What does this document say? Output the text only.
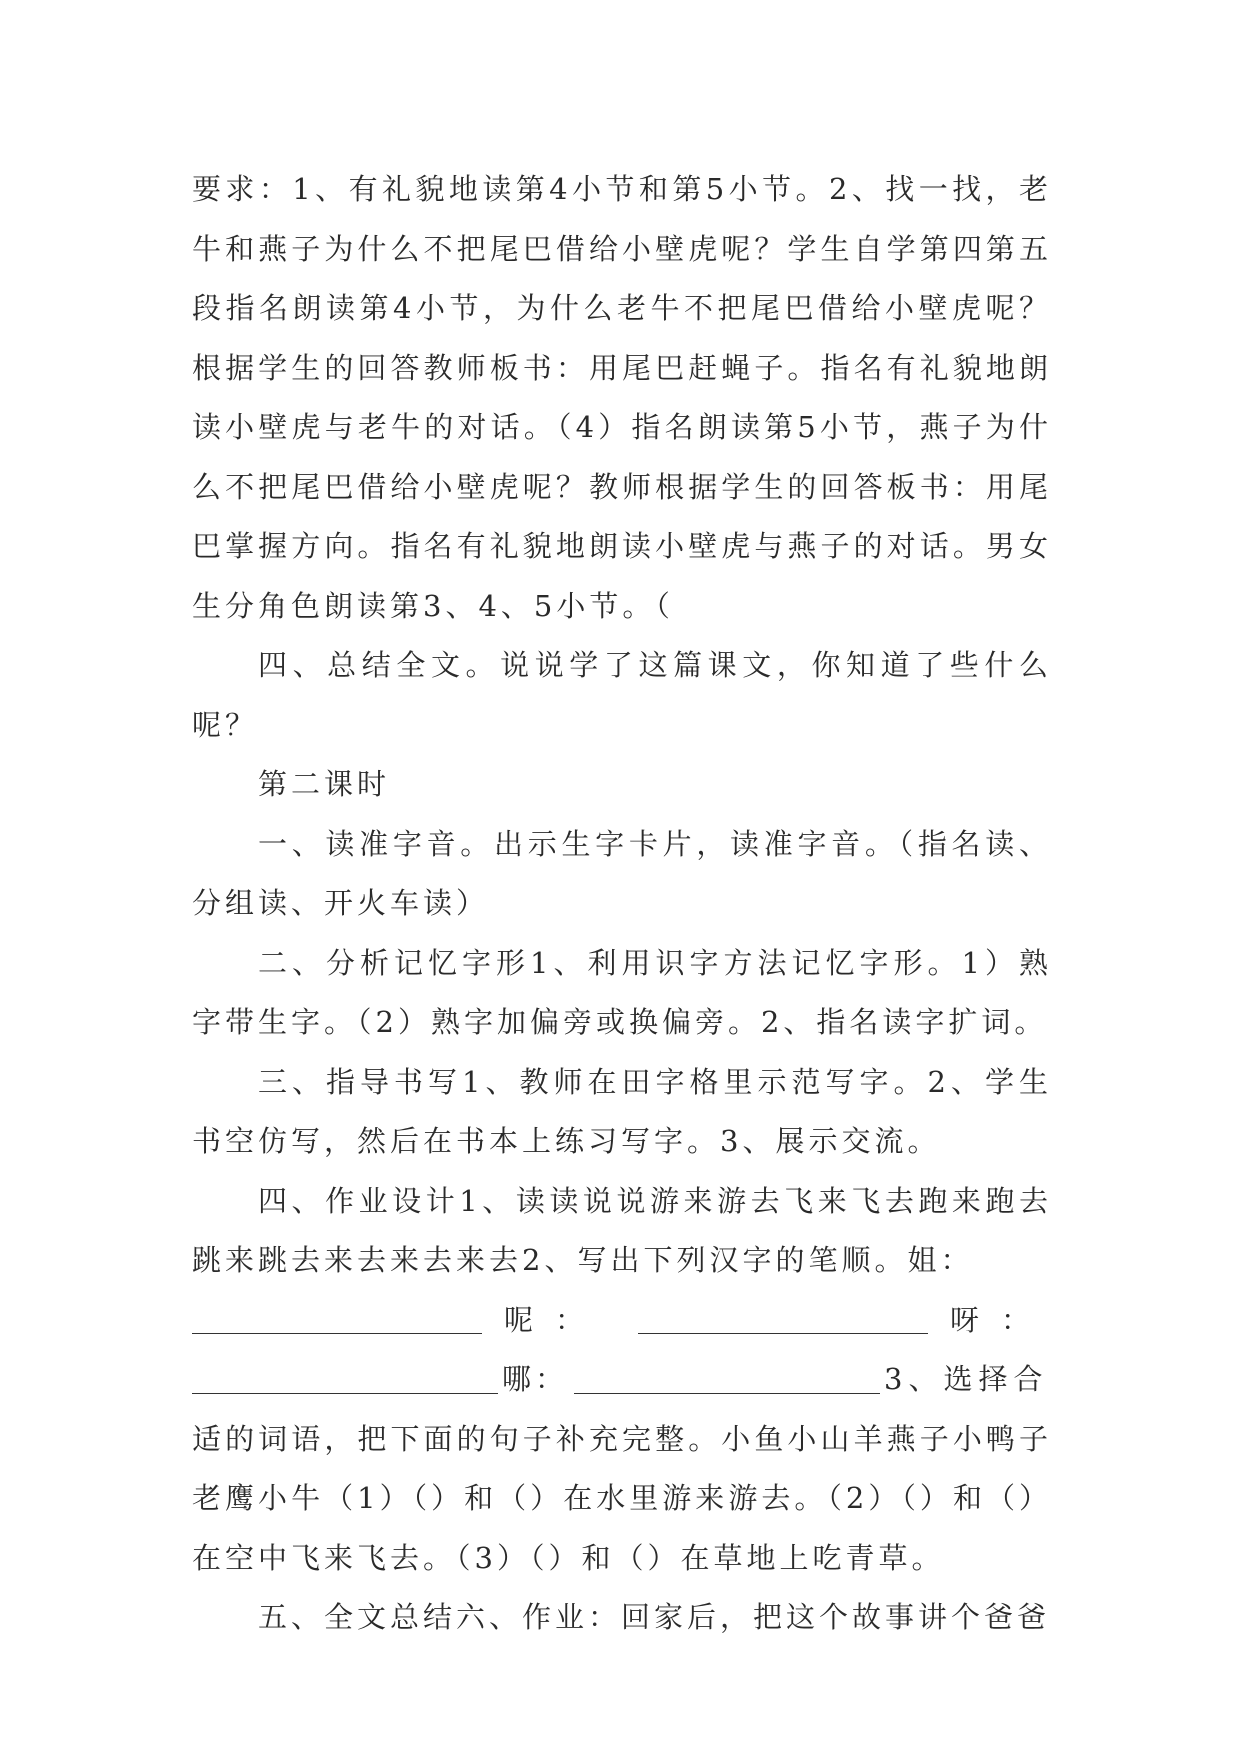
要求：1、有礼貌地读第4小节和第5小节。2、找一找，老牛和燕子为什么不把尾巴借给小壁虎呢？学生自学第四第五段指名朗读第4小节，为什么老牛不把尾巴借给小壁虎呢？根据学生的回答教师板书：用尾巴赶蝇子。指名有礼貌地朗读小壁虎与老牛的对话。（4）指名朗读第5小节，燕子为什么不把尾巴借给小壁虎呢？教师根据学生的回答板书：用尾巴掌握方向。指名有礼貌地朗读小壁虎与燕子的对话。男女生分角色朗读第3、4、5小节。（

四、总结全文。说说学了这篇课文，你知道了些什么呢？

第二课时

一、读准字音。出示生字卡片，读准字音。（指名读、分组读、开火车读）

二、分析记忆字形1、利用识字方法记忆字形。1）熟字带生字。（2）熟字加偏旁或换偏旁。2、指名读字扩词。

三、指导书写1、教师在田字格里示范写字。2、学生书空仿写，然后在书本上练习写字。3、展示交流。

四、作业设计1、读读说说游来游去飞来飞去跑来跑去跳来跳去来去来去来去2、写出下列汉字的笔顺。姐：

呢：	呀：
哪：	3、选择合

适的词语，把下面的句子补充完整。小鱼小山羊燕子小鸭子老鹰小牛（1）（）和（）在水里游来游去。（2）（）和（）在空中飞来飞去。（3）（）和（）在草地上吃青草。

五、全文总结六、作业：回家后，把这个故事讲个爸爸
